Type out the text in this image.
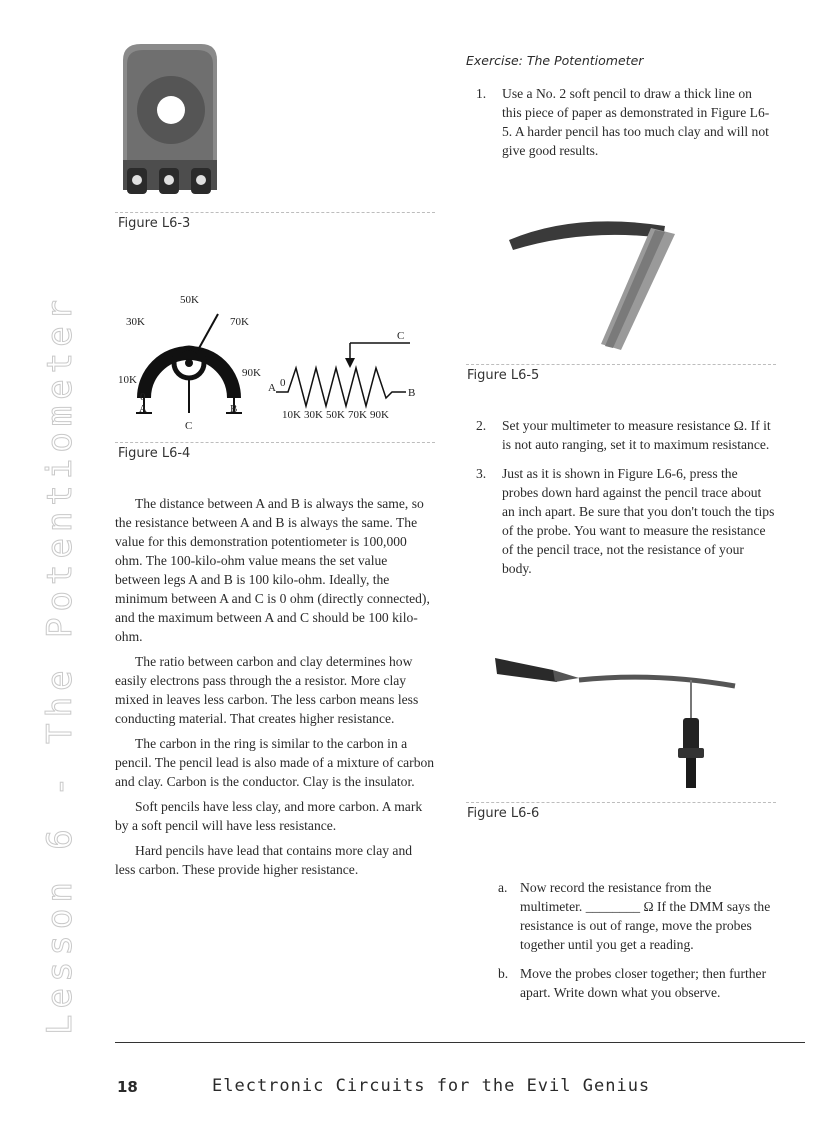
Lesson 6 - The Potentiometer
Figure L6-3
10K
30K
50K
70K
90K
0
A	B
C
A 0
B
C
10K 30K 50K 70K 90K
Figure L6-4

The distance between A and B is always the same, so the resistance between A and B is always the same. The value for this demonstration potentiometer is 100,000 ohm. The 100-kilo-ohm value means the set value between legs A and B is 100 kilo-ohm. Ideally, the minimum between A and C is 0 ohm (directly connected), and the maximum between A and C should be 100 kilo-ohm.

The ratio between carbon and clay determines how easily electrons pass through the a resistor. More clay mixed in leaves less carbon. The less carbon means less conducting material. That creates higher resistance.

The carbon in the ring is similar to the carbon in a pencil. The pencil lead is also made of a mixture of carbon and clay. Carbon is the conductor. Clay is the insulator.

Soft pencils have less clay, and more carbon. A mark by a soft pencil will have less resistance.

Hard pencils have lead that contains more clay and less carbon. These provide higher resistance.

Exercise: The Potentiometer
1. Use a No. 2 soft pencil to draw a thick line on this piece of paper as demonstrated in Figure L6-5. A harder pencil has too much clay and will not give good results.
Figure L6-5
2. Set your multimeter to measure resistance Ω. If it is not auto ranging, set it to maximum resistance.
3. Just as it is shown in Figure L6-6, press the probes down hard against the pencil trace about an inch apart. Be sure that you don't touch the tips of the probe. You want to measure the resistance of the pencil trace, not the resistance of your body.
Figure L6-6
a. Now record the resistance from the multimeter. ________ Ω If the DMM says the resistance is out of range, move the probes together until you get a reading.
b. Move the probes closer together; then further apart. Write down what you observe.
18	Electronic Circuits for the Evil Genius
